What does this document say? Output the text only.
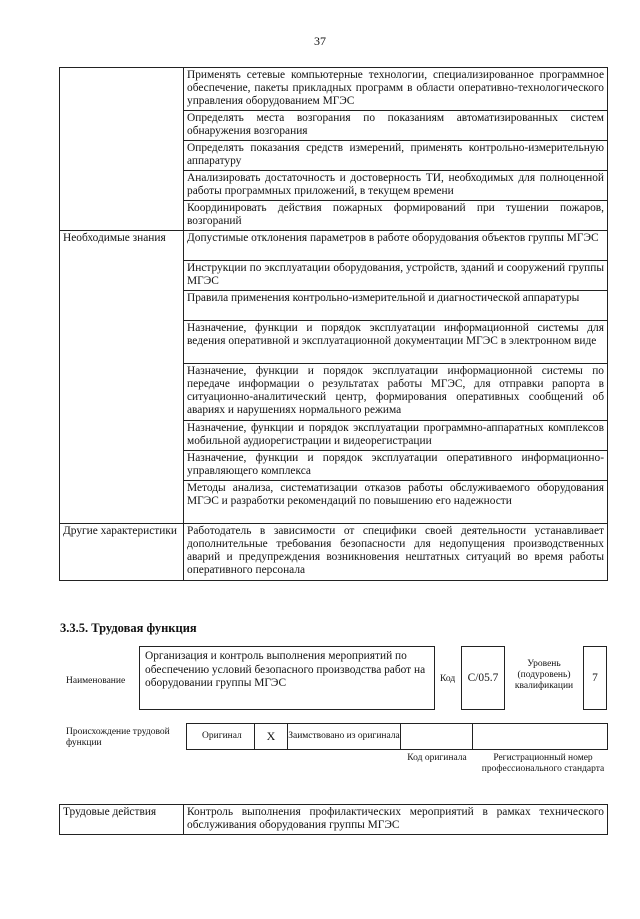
37
	Применять сетевые компьютерные технологии, специализированное программное обеспечение, пакеты прикладных программ в области оперативно-технологического управления оборудованием МГЭС
	Определять места возгорания по показаниям автоматизированных систем обнаружения возгорания
	Определять показания средств измерений, применять контрольно-измерительную аппаратуру
	Анализировать достаточность и достоверность ТИ, необходимых для полноценной работы программных приложений, в текущем времени
	Координировать действия пожарных формирований при тушении пожаров, возгораний
Необходимые знания	Допустимые отклонения параметров в работе оборудования объектов группы МГЭС
	Инструкции по эксплуатации оборудования, устройств, зданий и сооружений группы МГЭС
	Правила применения контрольно-измерительной и диагностической аппаратуры
	Назначение, функции и порядок эксплуатации информационной системы для ведения оперативной и эксплуатационной документации МГЭС в электронном виде
	Назначение, функции и порядок эксплуатации информационной системы по передаче информации о результатах работы МГЭС, для отправки рапорта в ситуационно-аналитический центр, формирования оперативных сообщений об авариях и нарушениях нормального режима
	Назначение, функции и порядок эксплуатации программно-аппаратных комплексов мобильной аудиорегистрации и видеорегистрации
	Назначение, функции и порядок эксплуатации оперативного информационно-управляющего комплекса
	Методы анализа, систематизации отказов работы обслуживаемого оборудования МГЭС и разработки рекомендаций по повышению его надежности
Другие характеристики	Работодатель в зависимости от специфики своей деятельности устанавливает дополнительные требования безопасности для недопущения производственных аварий и предупреждения возникновения нештатных ситуаций во время работы оперативного персонала
3.3.5. Трудовая функция
Наименование
Организация и контроль выполнения мероприятий по обеспечению условий безопасного производства работ на оборудовании группы МГЭС	Код	C/05.7
Уровень (подуровень) квалификации
7
Происхождение трудовой функции
Оригинал	X	Заимствовано из оригинала
Код оригинала	Регистрационный номер профессионального стандарта
Трудовые действия	Контроль выполнения профилактических мероприятий в рамках технического обслуживания оборудования группы МГЭС
